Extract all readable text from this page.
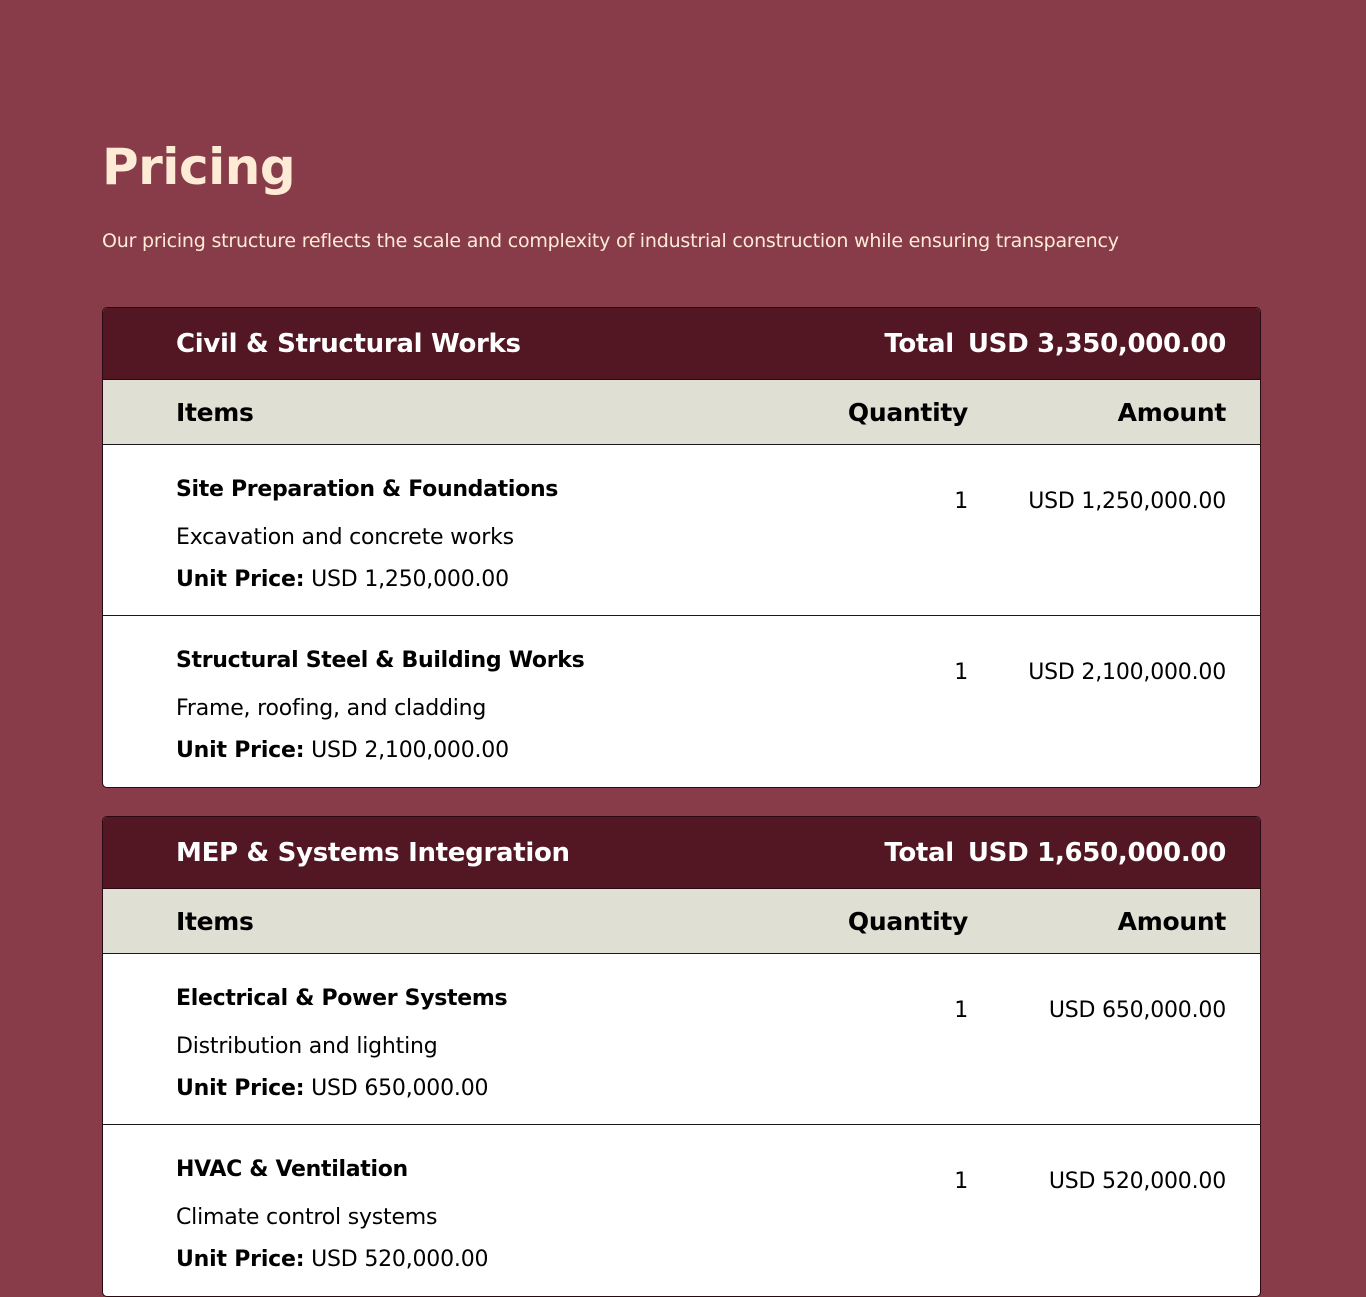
Pricing
Our pricing structure reflects the scale and complexity of industrial construction while ensuring transparency
Civil & Structural Works	Total USD 3,350,000.00
Items	Quantity	Amount
Site Preparation & Foundations
Excavation and concrete works
Unit Price: USD 1,250,000.00
1	USD 1,250,000.00
Structural Steel & Building Works
Frame, roofing, and cladding
Unit Price: USD 2,100,000.00
1	USD 2,100,000.00
MEP & Systems Integration	Total USD 1,650,000.00
Items	Quantity	Amount
Electrical & Power Systems
Distribution and lighting
Unit Price: USD 650,000.00
1	USD 650,000.00
HVAC & Ventilation
Climate control systems
Unit Price: USD 520,000.00
1	USD 520,000.00
